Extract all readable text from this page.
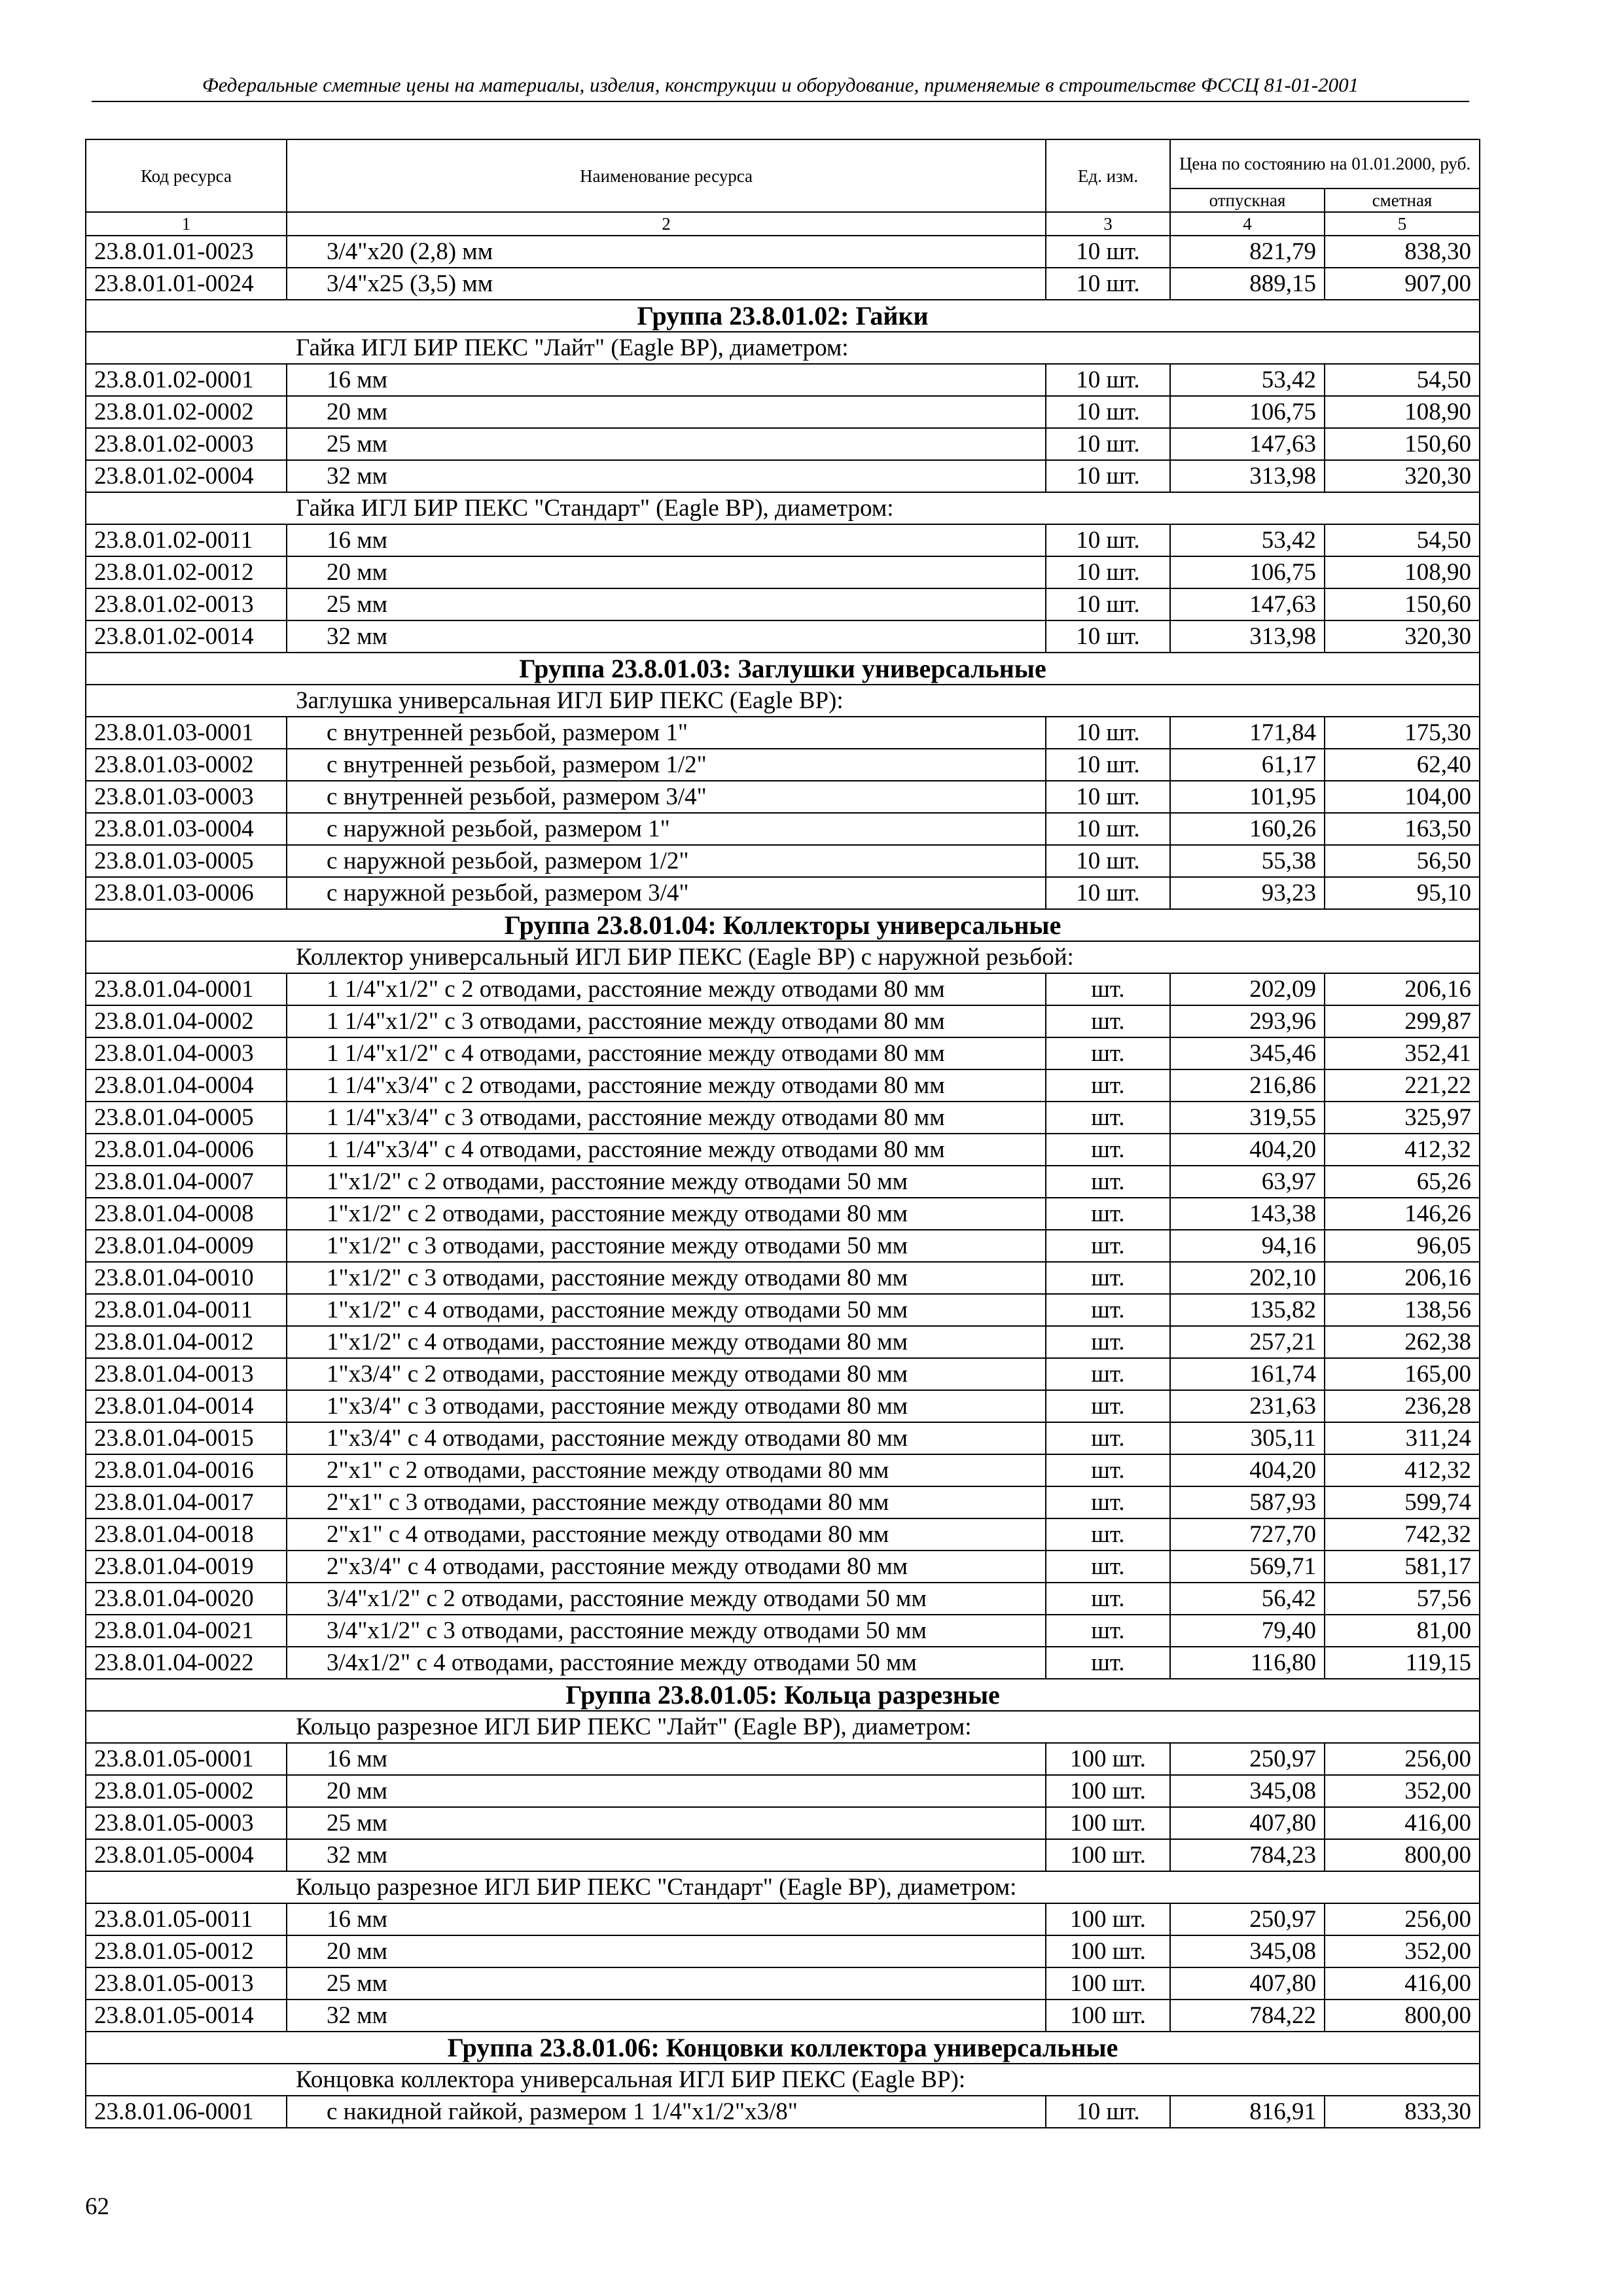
Федеральные сметные цены на материалы, изделия, конструкции и оборудование, применяемые в строительстве ФССЦ 81-01-2001
Код ресурса	Наименование ресурса	Ед. изм.	Цена по состоянию на 01.01.2000, руб.	
			отпускная	сметная
1	2	3	4	5
23.8.01.01-0023	3/4"x20 (2,8) мм	10 шт.	821,79	838,30
23.8.01.01-0024	3/4"x25 (3,5) мм	10 шт.	889,15	907,00
Группа 23.8.01.02: Гайки				
Гайка ИГЛ БИР ПЕКС "Лайт" (Eagle BP), диаметром:				
23.8.01.02-0001	16 мм	10 шт.	53,42	54,50
23.8.01.02-0002	20 мм	10 шт.	106,75	108,90
23.8.01.02-0003	25 мм	10 шт.	147,63	150,60
23.8.01.02-0004	32 мм	10 шт.	313,98	320,30
Гайка ИГЛ БИР ПЕКС "Стандарт" (Eagle BP), диаметром:				
23.8.01.02-0011	16 мм	10 шт.	53,42	54,50
23.8.01.02-0012	20 мм	10 шт.	106,75	108,90
23.8.01.02-0013	25 мм	10 шт.	147,63	150,60
23.8.01.02-0014	32 мм	10 шт.	313,98	320,30
Группа 23.8.01.03: Заглушки универсальные				
Заглушка универсальная ИГЛ БИР ПЕКС (Eagle BP):				
23.8.01.03-0001	с внутренней резьбой, размером 1"	10 шт.	171,84	175,30
23.8.01.03-0002	с внутренней резьбой, размером 1/2"	10 шт.	61,17	62,40
23.8.01.03-0003	с внутренней резьбой, размером 3/4"	10 шт.	101,95	104,00
23.8.01.03-0004	с наружной резьбой, размером 1"	10 шт.	160,26	163,50
23.8.01.03-0005	с наружной резьбой, размером 1/2"	10 шт.	55,38	56,50
23.8.01.03-0006	с наружной резьбой, размером 3/4"	10 шт.	93,23	95,10
Группа 23.8.01.04: Коллекторы универсальные				
Коллектор универсальный ИГЛ БИР ПЕКС (Eagle BP) с наружной резьбой:				
23.8.01.04-0001	1 1/4"x1/2" с 2 отводами, расстояние между отводами 80 мм	шт.	202,09	206,16
23.8.01.04-0002	1 1/4"x1/2" с 3 отводами, расстояние между отводами 80 мм	шт.	293,96	299,87
23.8.01.04-0003	1 1/4"x1/2" с 4 отводами, расстояние между отводами 80 мм	шт.	345,46	352,41
23.8.01.04-0004	1 1/4"x3/4" с 2 отводами, расстояние между отводами 80 мм	шт.	216,86	221,22
23.8.01.04-0005	1 1/4"x3/4" с 3 отводами, расстояние между отводами 80 мм	шт.	319,55	325,97
23.8.01.04-0006	1 1/4"x3/4" с 4 отводами, расстояние между отводами 80 мм	шт.	404,20	412,32
23.8.01.04-0007	1"x1/2" с 2 отводами, расстояние между отводами 50 мм	шт.	63,97	65,26
23.8.01.04-0008	1"x1/2" с 2 отводами, расстояние между отводами 80 мм	шт.	143,38	146,26
23.8.01.04-0009	1"x1/2" с 3 отводами, расстояние между отводами 50 мм	шт.	94,16	96,05
23.8.01.04-0010	1"x1/2" с 3 отводами, расстояние между отводами 80 мм	шт.	202,10	206,16
23.8.01.04-0011	1"x1/2" с 4 отводами, расстояние между отводами 50 мм	шт.	135,82	138,56
23.8.01.04-0012	1"x1/2" с 4 отводами, расстояние между отводами 80 мм	шт.	257,21	262,38
23.8.01.04-0013	1"x3/4" с 2 отводами, расстояние между отводами 80 мм	шт.	161,74	165,00
23.8.01.04-0014	1"x3/4" с 3 отводами, расстояние между отводами 80 мм	шт.	231,63	236,28
23.8.01.04-0015	1"x3/4" с 4 отводами, расстояние между отводами 80 мм	шт.	305,11	311,24
23.8.01.04-0016	2"x1" с 2 отводами, расстояние между отводами 80 мм	шт.	404,20	412,32
23.8.01.04-0017	2"x1" с 3 отводами, расстояние между отводами 80 мм	шт.	587,93	599,74
23.8.01.04-0018	2"x1" с 4 отводами, расстояние между отводами 80 мм	шт.	727,70	742,32
23.8.01.04-0019	2"x3/4" с 4 отводами, расстояние между отводами 80 мм	шт.	569,71	581,17
23.8.01.04-0020	3/4"x1/2" с 2 отводами, расстояние между отводами 50 мм	шт.	56,42	57,56
23.8.01.04-0021	3/4"x1/2" с 3 отводами, расстояние между отводами 50 мм	шт.	79,40	81,00
23.8.01.04-0022	3/4x1/2" с 4 отводами, расстояние между отводами 50 мм	шт.	116,80	119,15
Группа 23.8.01.05: Кольца разрезные				
Кольцо разрезное ИГЛ БИР ПЕКС "Лайт" (Eagle BP), диаметром:				
23.8.01.05-0001	16 мм	100 шт.	250,97	256,00
23.8.01.05-0002	20 мм	100 шт.	345,08	352,00
23.8.01.05-0003	25 мм	100 шт.	407,80	416,00
23.8.01.05-0004	32 мм	100 шт.	784,23	800,00
Кольцо разрезное ИГЛ БИР ПЕКС "Стандарт" (Eagle BP), диаметром:				
23.8.01.05-0011	16 мм	100 шт.	250,97	256,00
23.8.01.05-0012	20 мм	100 шт.	345,08	352,00
23.8.01.05-0013	25 мм	100 шт.	407,80	416,00
23.8.01.05-0014	32 мм	100 шт.	784,22	800,00
Группа 23.8.01.06: Концовки коллектора универсальные				
Концовка коллектора универсальная ИГЛ БИР ПЕКС (Eagle BP):				
23.8.01.06-0001	с накидной гайкой, размером 1 1/4"x1/2"x3/8"	10 шт.	816,91	833,30
62
